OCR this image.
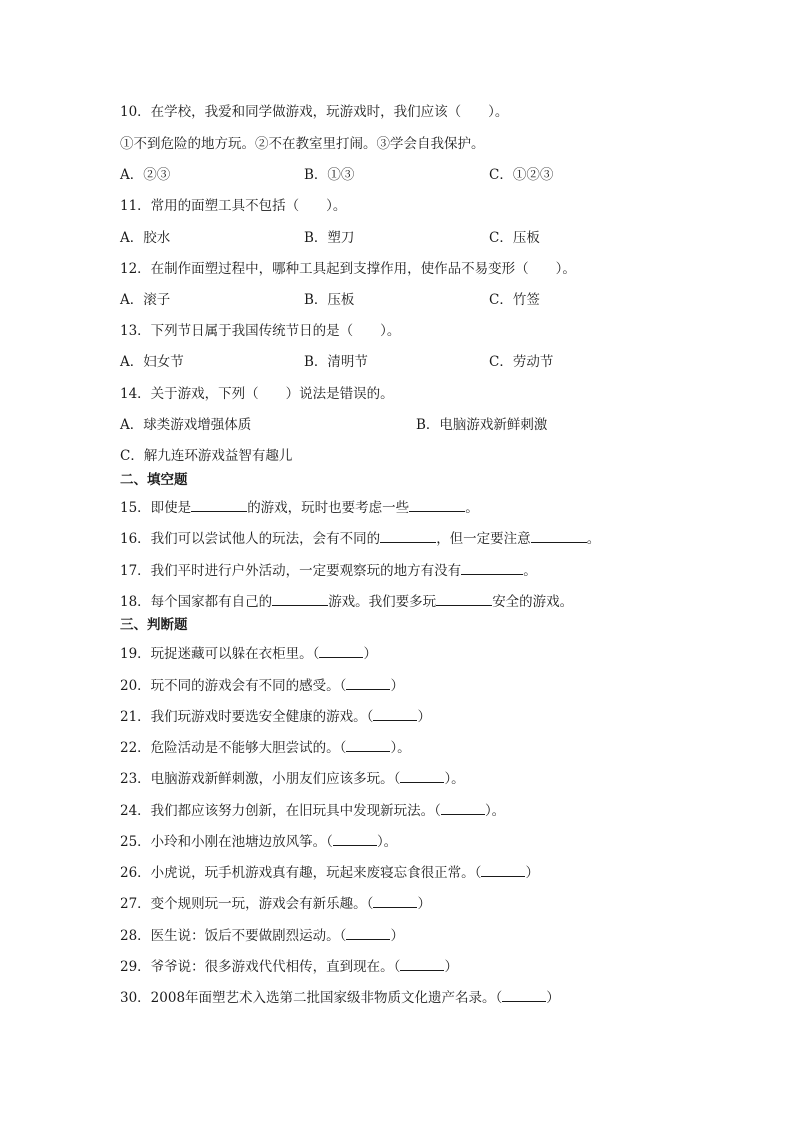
10．在学校，我爱和同学做游戏，玩游戏时，我们应该（　　）。
①不到危险的地方玩。②不在教室里打闹。③学会自我保护。
A．②③	B．①③	C．①②③
11．常用的面塑工具不包括（　　）。
A．胶水	B．塑刀	C．压板
12．在制作面塑过程中，哪种工具起到支撑作用，使作品不易变形（　　）。
A．滚子	B．压板	C．竹签
13．下列节日属于我国传统节日的是（　　）。
A．妇女节	B．清明节	C．劳动节
14．关于游戏，下列（　　）说法是错误的。
A．球类游戏增强体质	B．电脑游戏新鲜刺激
C．解九连环游戏益智有趣儿
二、填空题
15．即使是	的游戏，玩时也要考虑一些	。
16．我们可以尝试他人的玩法，会有不同的	，但一定要注意	。
17．我们平时进行户外活动，一定要观察玩的地方有没有	。
18．每个国家都有自己的	游戏。我们要多玩	安全的游戏。
三、判断题
19．玩捉迷藏可以躲在衣柜里。（	）
20．玩不同的游戏会有不同的感受。（	）
21．我们玩游戏时要选安全健康的游戏。（	）
22．危险活动是不能够大胆尝试的。（	）。
23．电脑游戏新鲜刺激，小朋友们应该多玩。（	）。
24．我们都应该努力创新，在旧玩具中发现新玩法。（	）。
25．小玲和小刚在池塘边放风筝。（	）。
26．小虎说，玩手机游戏真有趣，玩起来废寝忘食很正常。（	）
27．变个规则玩一玩，游戏会有新乐趣。（	）
28．医生说：饭后不要做剧烈运动。（	）
29．爷爷说：很多游戏代代相传，直到现在。（	）
30．2008年面塑艺术入选第二批国家级非物质文化遗产名录。（	）
